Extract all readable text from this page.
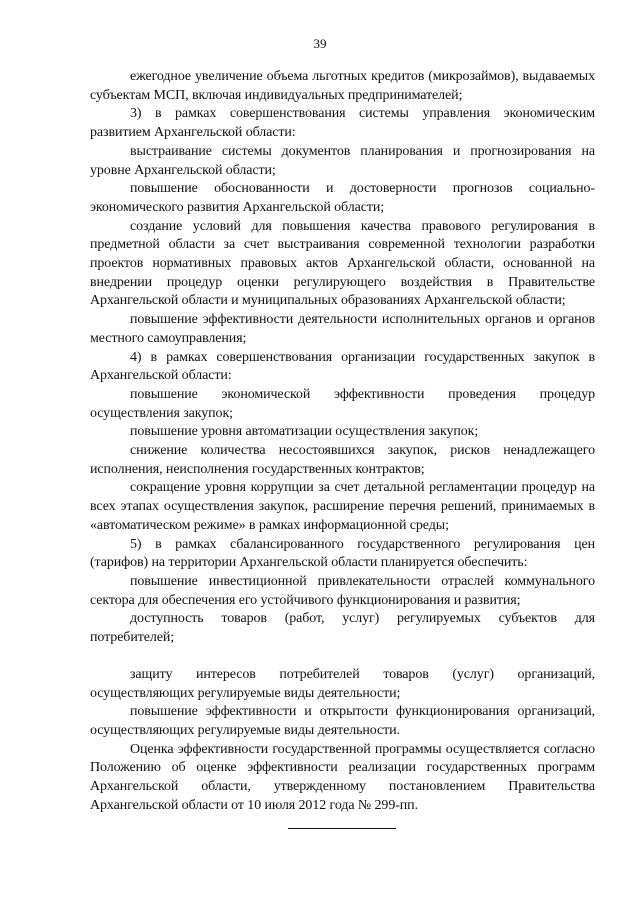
39

ежегодное увеличение объема льготных кредитов (микрозаймов), выдаваемых субъектам МСП, включая индивидуальных предпринимателей;

3) в рамках совершенствования системы управления экономическим развитием Архангельской области:

выстраивание системы документов планирования и прогнозирования на уровне Архангельской области;

повышение обоснованности и достоверности прогнозов социально-экономического развития Архангельской области;

создание условий для повышения качества правового регулирования в предметной области за счет выстраивания современной технологии разработки проектов нормативных правовых актов Архангельской области, основанной на внедрении процедур оценки регулирующего воздействия в Правительстве Архангельской области и муниципальных образованиях Архангельской области;

повышение эффективности деятельности исполнительных органов и органов местного самоуправления;

4) в рамках совершенствования организации государственных закупок в Архангельской области:

повышение экономической эффективности проведения процедур осуществления закупок;

повышение уровня автоматизации осуществления закупок;

снижение количества несостоявшихся закупок, рисков ненадлежащего исполнения, неисполнения государственных контрактов;

сокращение уровня коррупции за счет детальной регламентации процедур на всех этапах осуществления закупок, расширение перечня решений, принимаемых в «автоматическом режиме» в рамках информационной среды;

5) в рамках сбалансированного государственного регулирования цен (тарифов) на территории Архангельской области планируется обеспечить:

повышение инвестиционной привлекательности отраслей коммунального сектора для обеспечения его устойчивого функционирования и развития;

доступность товаров (работ, услуг) регулируемых субъектов для потребителей;

защиту интересов потребителей товаров (услуг) организаций, осуществляющих регулируемые виды деятельности;

повышение эффективности и открытости функционирования организаций, осуществляющих регулируемые виды деятельности.

Оценка эффективности государственной программы осуществляется согласно Положению об оценке эффективности реализации государственных программ Архангельской области, утвержденному постановлением Правительства Архангельской области от 10 июля 2012 года № 299-пп.
